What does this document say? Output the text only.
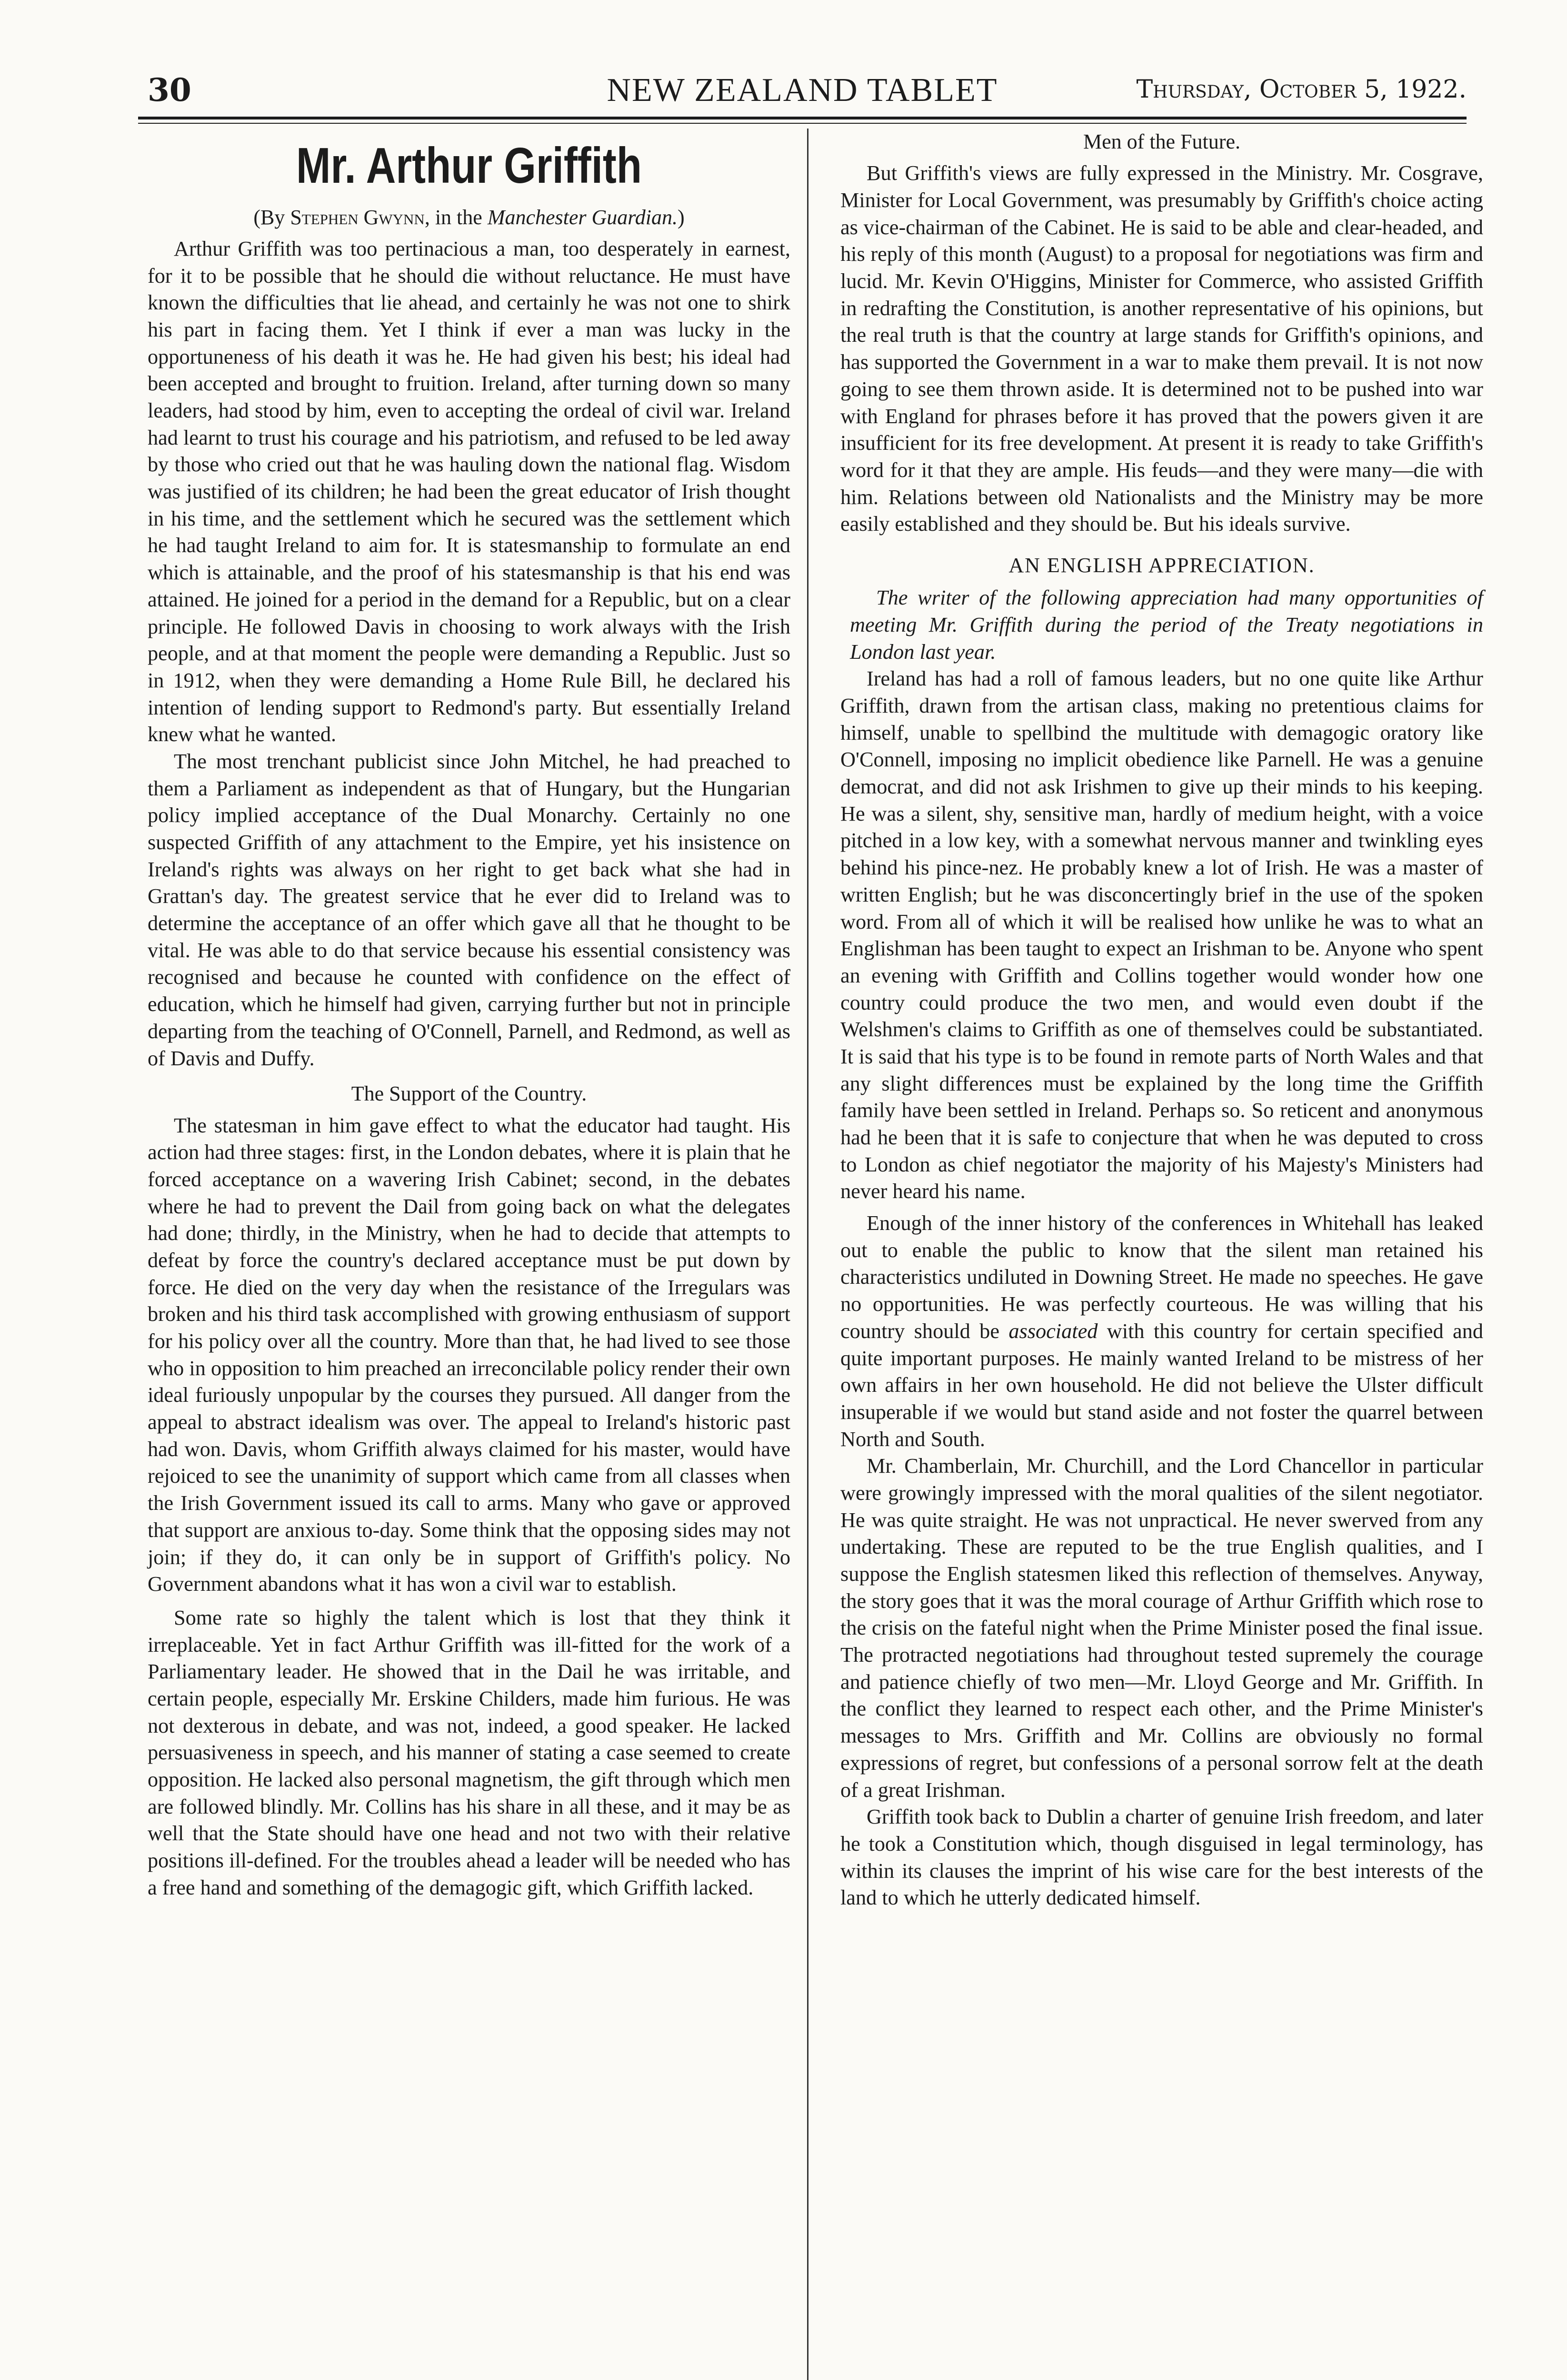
30	NEW ZEALAND TABLET	Thursday, October 5, 1922.
Mr. Arthur Griffith
(By Stephen Gwynn, in the Manchester Guardian.)

Arthur Griffith was too pertinacious a man, too desperately in earnest, for it to be possible that he should die without reluctance. He must have known the difficulties that lie ahead, and certainly he was not one to shirk his part in facing them. Yet I think if ever a man was lucky in the opportuneness of his death it was he. He had given his best; his ideal had been accepted and brought to fruition. Ireland, after turning down so many leaders, had stood by him, even to accepting the ordeal of civil war. Ireland had learnt to trust his courage and his patriotism, and refused to be led away by those who cried out that he was hauling down the national flag. Wisdom was justified of its children; he had been the great educator of Irish thought in his time, and the settlement which he secured was the settlement which he had taught Ireland to aim for. It is statesmanship to formulate an end which is attainable, and the proof of his statesmanship is that his end was attained. He joined for a period in the demand for a Republic, but on a clear principle. He followed Davis in choosing to work always with the Irish people, and at that moment the people were demanding a Republic. Just so in 1912, when they were demanding a Home Rule Bill, he declared his intention of lending support to Redmond's party. But essentially Ireland knew what he wanted.

The most trenchant publicist since John Mitchel, he had preached to them a Parliament as independent as that of Hungary, but the Hungarian policy implied acceptance of the Dual Monarchy. Certainly no one suspected Griffith of any attachment to the Empire, yet his insistence on Ireland's rights was always on her right to get back what she had in Grattan's day. The greatest service that he ever did to Ireland was to determine the acceptance of an offer which gave all that he thought to be vital. He was able to do that service because his essential consistency was recognised and because he counted with confidence on the effect of education, which he himself had given, carrying further but not in principle departing from the teaching of O'Connell, Parnell, and Redmond, as well as of Davis and Duffy.

The Support of the Country.

The statesman in him gave effect to what the educator had taught. His action had three stages: first, in the London debates, where it is plain that he forced acceptance on a wavering Irish Cabinet; second, in the debates where he had to prevent the Dail from going back on what the delegates had done; thirdly, in the Ministry, when he had to decide that attempts to defeat by force the country's declared acceptance must be put down by force. He died on the very day when the resistance of the Irregulars was broken and his third task accomplished with growing enthusiasm of support for his policy over all the country. More than that, he had lived to see those who in opposition to him preached an irreconcilable policy render their own ideal furiously unpopular by the courses they pursued. All danger from the appeal to abstract idealism was over. The appeal to Ireland's historic past had won. Davis, whom Griffith always claimed for his master, would have rejoiced to see the unanimity of support which came from all classes when the Irish Government issued its call to arms. Many who gave or approved that support are anxious to-day. Some think that the opposing sides may not join; if they do, it can only be in support of Griffith's policy. No Government abandons what it has won a civil war to establish.

Some rate so highly the talent which is lost that they think it irreplaceable. Yet in fact Arthur Griffith was ill-fitted for the work of a Parliamentary leader. He showed that in the Dail he was irritable, and certain people, especially Mr. Erskine Childers, made him furious. He was not dexterous in debate, and was not, indeed, a good speaker. He lacked persuasiveness in speech, and his manner of stating a case seemed to create opposition. He lacked also personal magnetism, the gift through which men are followed blindly. Mr. Collins has his share in all these, and it may be as well that the State should have one head and not two with their relative positions ill-defined. For the troubles ahead a leader will be needed who has a free hand and something of the demagogic gift, which Griffith lacked.

Men of the Future.

But Griffith's views are fully expressed in the Ministry. Mr. Cosgrave, Minister for Local Government, was presumably by Griffith's choice acting as vice-chairman of the Cabinet. He is said to be able and clear-headed, and his reply of this month (August) to a proposal for negotiations was firm and lucid. Mr. Kevin O'Higgins, Minister for Commerce, who assisted Griffith in redrafting the Constitution, is another representative of his opinions, but the real truth is that the country at large stands for Griffith's opinions, and has supported the Government in a war to make them prevail. It is not now going to see them thrown aside. It is determined not to be pushed into war with England for phrases before it has proved that the powers given it are insufficient for its free development. At present it is ready to take Griffith's word for it that they are ample. His feuds—and they were many—die with him. Relations between old Nationalists and the Ministry may be more easily established and they should be. But his ideals survive.

AN ENGLISH APPRECIATION.

The writer of the following appreciation had many opportunities of meeting Mr. Griffith during the period of the Treaty negotiations in London last year.

Ireland has had a roll of famous leaders, but no one quite like Arthur Griffith, drawn from the artisan class, making no pretentious claims for himself, unable to spellbind the multitude with demagogic oratory like O'Connell, imposing no implicit obedience like Parnell. He was a genuine democrat, and did not ask Irishmen to give up their minds to his keeping. He was a silent, shy, sensitive man, hardly of medium height, with a voice pitched in a low key, with a somewhat nervous manner and twinkling eyes behind his pince-nez. He probably knew a lot of Irish. He was a master of written English; but he was disconcertingly brief in the use of the spoken word. From all of which it will be realised how unlike he was to what an Englishman has been taught to expect an Irishman to be. Anyone who spent an evening with Griffith and Collins together would wonder how one country could produce the two men, and would even doubt if the Welshmen's claims to Griffith as one of themselves could be substantiated. It is said that his type is to be found in remote parts of North Wales and that any slight differences must be explained by the long time the Griffith family have been settled in Ireland. Perhaps so. So reticent and anonymous had he been that it is safe to conjecture that when he was deputed to cross to London as chief negotiator the majority of his Majesty's Ministers had never heard his name.

Enough of the inner history of the conferences in Whitehall has leaked out to enable the public to know that the silent man retained his characteristics undiluted in Downing Street. He made no speeches. He gave no opportunities. He was perfectly courteous. He was willing that his country should be associated with this country for certain specified and quite important purposes. He mainly wanted Ireland to be mistress of her own affairs in her own household. He did not believe the Ulster difficult insuperable if we would but stand aside and not foster the quarrel between North and South.

Mr. Chamberlain, Mr. Churchill, and the Lord Chancellor in particular were growingly impressed with the moral qualities of the silent negotiator. He was quite straight. He was not unpractical. He never swerved from any undertaking. These are reputed to be the true English qualities, and I suppose the English statesmen liked this reflection of themselves. Anyway, the story goes that it was the moral courage of Arthur Griffith which rose to the crisis on the fateful night when the Prime Minister posed the final issue. The protracted negotiations had throughout tested supremely the courage and patience chiefly of two men—Mr. Lloyd George and Mr. Griffith. In the conflict they learned to respect each other, and the Prime Minister's messages to Mrs. Griffith and Mr. Collins are obviously no formal expressions of regret, but confessions of a personal sorrow felt at the death of a great Irishman.

Griffith took back to Dublin a charter of genuine Irish freedom, and later he took a Constitution which, though disguised in legal terminology, has within its clauses the imprint of his wise care for the best interests of the land to which he utterly dedicated himself.
